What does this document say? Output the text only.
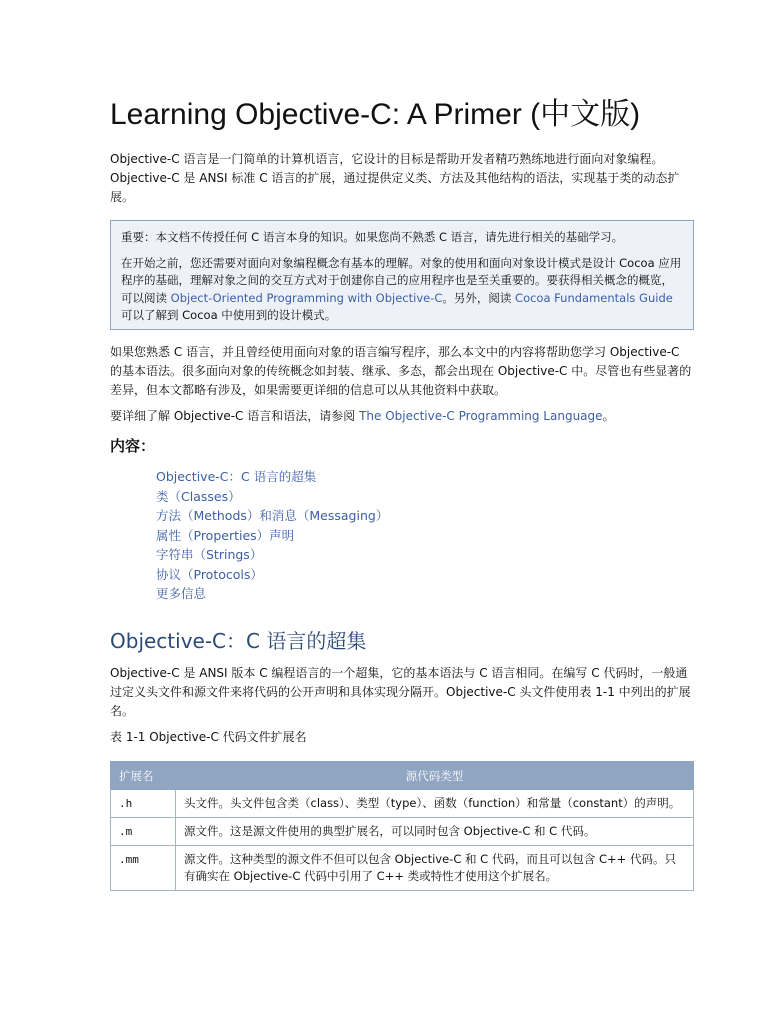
Learning Objective-C: A Primer (中文版)

Objective-C 语言是一门简单的计算机语言，它设计的目标是帮助开发者精巧熟练地进行面向对象编程。Objective-C 是 ANSI 标准 C 语言的扩展，通过提供定义类、方法及其他结构的语法，实现基于类的动态扩展。

重要：本文档不传授任何 C 语言本身的知识。如果您尚不熟悉 C 语言，请先进行相关的基础学习。

在开始之前，您还需要对面向对象编程概念有基本的理解。对象的使用和面向对象设计模式是设计 Cocoa 应用程序的基础，理解对象之间的交互方式对于创建你自己的应用程序也是至关重要的。要获得相关概念的概览，可以阅读 Object-Oriented Programming with Objective-C。另外，阅读 Cocoa Fundamentals Guide 可以了解到 Cocoa 中使用到的设计模式。

如果您熟悉 C 语言，并且曾经使用面向对象的语言编写程序，那么本文中的内容将帮助您学习 Objective-C 的基本语法。很多面向对象的传统概念如封装、继承、多态，都会出现在 Objective-C 中。尽管也有些显著的差异，但本文都略有涉及，如果需要更详细的信息可以从其他资料中获取。

要详细了解 Objective-C 语言和语法，请参阅 The Objective-C Programming Language。

内容：
Objective-C：C 语言的超集
类（Classes）
方法（Methods）和消息（Messaging）
属性（Properties）声明
字符串（Strings）
协议（Protocols）
更多信息
Objective-C：C 语言的超集

Objective-C 是 ANSI 版本 C 编程语言的一个超集，它的基本语法与 C 语言相同。在编写 C 代码时，一般通过定义头文件和源文件来将代码的公开声明和具体实现分隔开。Objective-C 头文件使用表 1-1 中列出的扩展名。

表 1-1 Objective-C 代码文件扩展名

扩展名	源代码类型
.h	头文件。头文件包含类（class）、类型（type）、函数（function）和常量（constant）的声明。
.m	源文件。这是源文件使用的典型扩展名，可以同时包含 Objective-C 和 C 代码。
.mm	源文件。这种类型的源文件不但可以包含 Objective-C 和 C 代码，而且可以包含 C++ 代码。只有确实在 Objective-C 代码中引用了 C++ 类或特性才使用这个扩展名。
